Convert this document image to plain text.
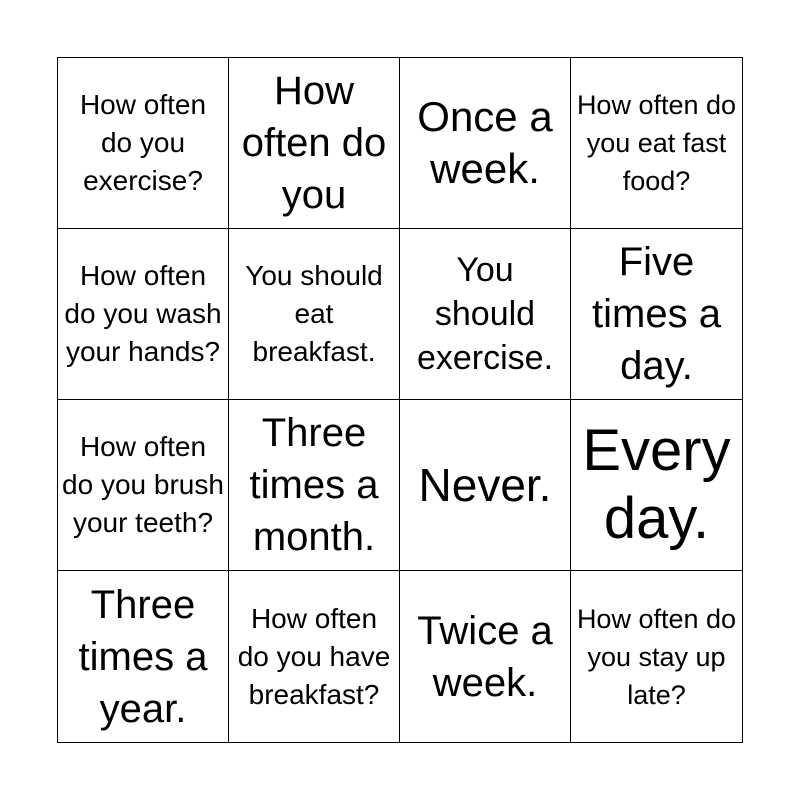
How often do you exercise?
How often do you
Once a week.
How often do you eat fast food?
How often do you wash your hands?
You should eat breakfast.
You should exercise.
Five times a day.
How often do you brush your teeth?
Three times a month.
Never.
Every day.
Three times a year.
How often do you have breakfast?
Twice a week.
How often do you stay up late?
